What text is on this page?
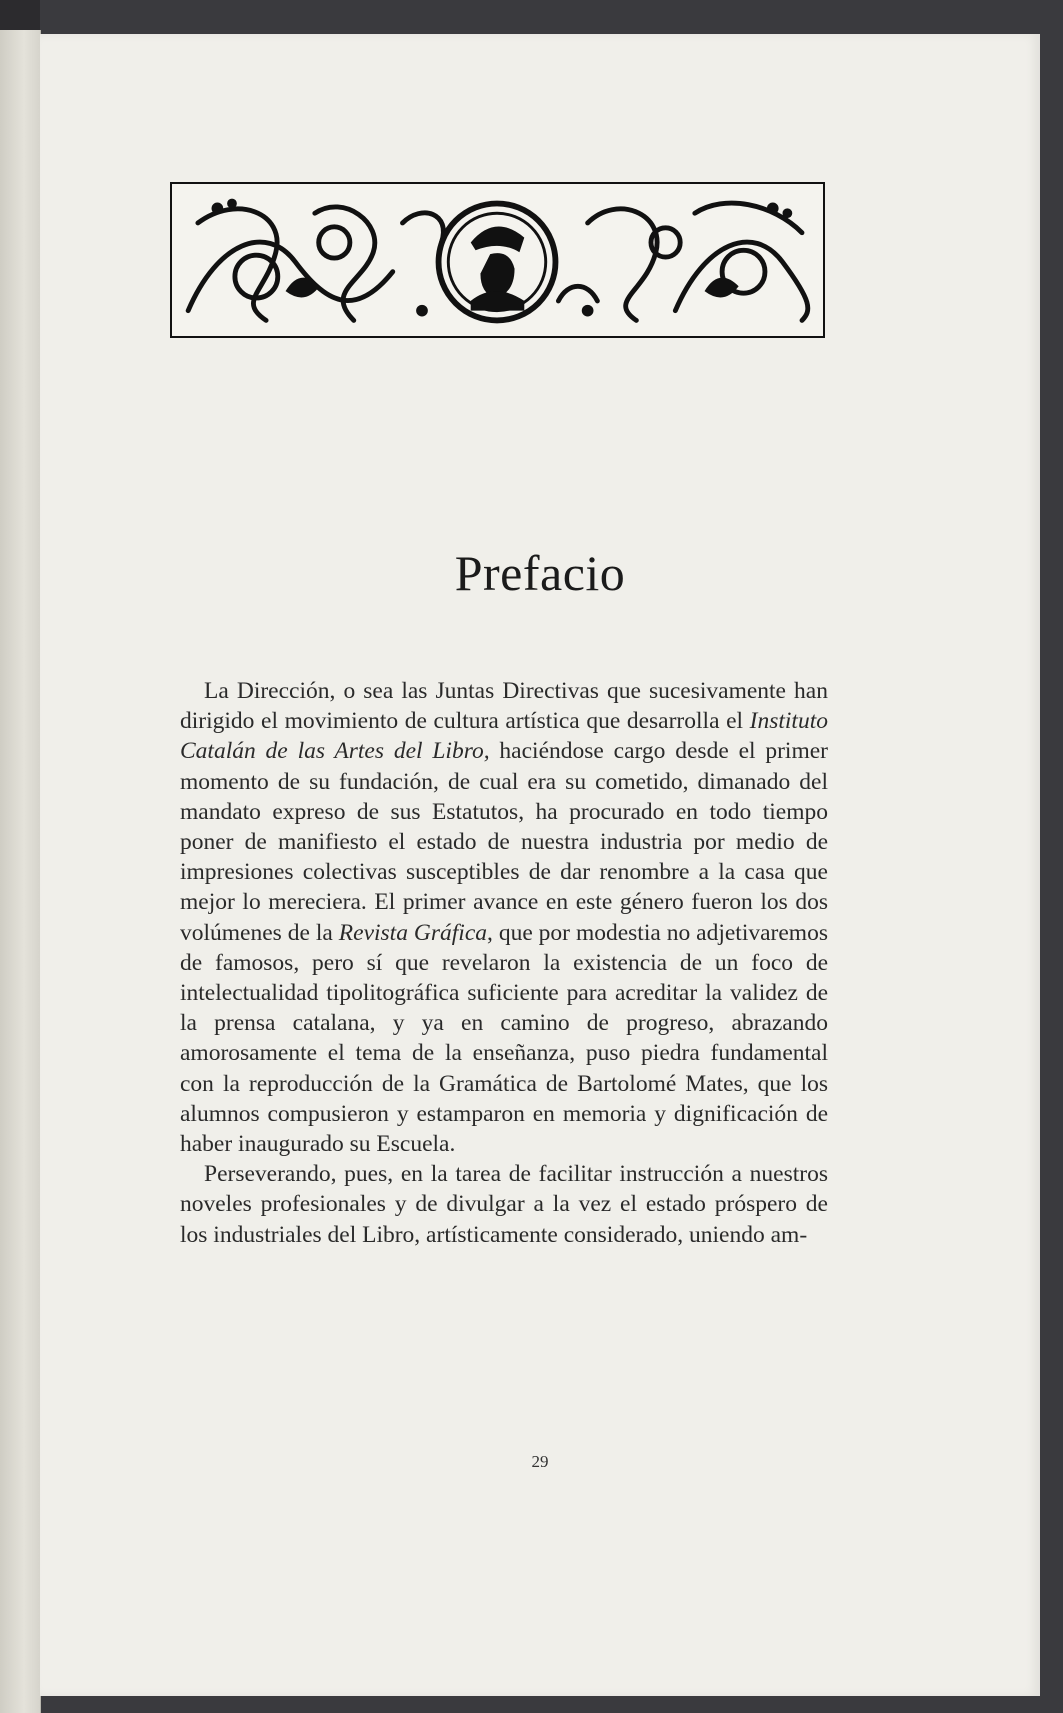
Prefacio

La Dirección, o sea las Juntas Directivas que sucesivamente han dirigido el movimiento de cultura artística que desarrolla el Instituto Catalán de las Artes del Libro, haciéndose cargo desde el primer momento de su fundación, de cual era su cometido, dimanado del mandato expreso de sus Estatutos, ha procurado en todo tiempo poner de manifiesto el estado de nuestra industria por medio de impresiones colectivas susceptibles de dar renombre a la casa que mejor lo mereciera. El primer avance en este género fueron los dos volúmenes de la Revista Gráfica, que por modestia no adjetivaremos de famosos, pero sí que revelaron la existencia de un foco de intelectualidad tipolitográfica suficiente para acreditar la validez de la prensa catalana, y ya en camino de progreso, abrazando amorosamente el tema de la enseñanza, puso piedra fundamental con la reproducción de la Gramática de Bartolomé Mates, que los alumnos compusieron y estamparon en memoria y dignificación de haber inaugurado su Escuela.

Perseverando, pues, en la tarea de facilitar instrucción a nuestros noveles profesionales y de divulgar a la vez el estado próspero de los industriales del Libro, artísticamente considerado, uniendo am-

29
